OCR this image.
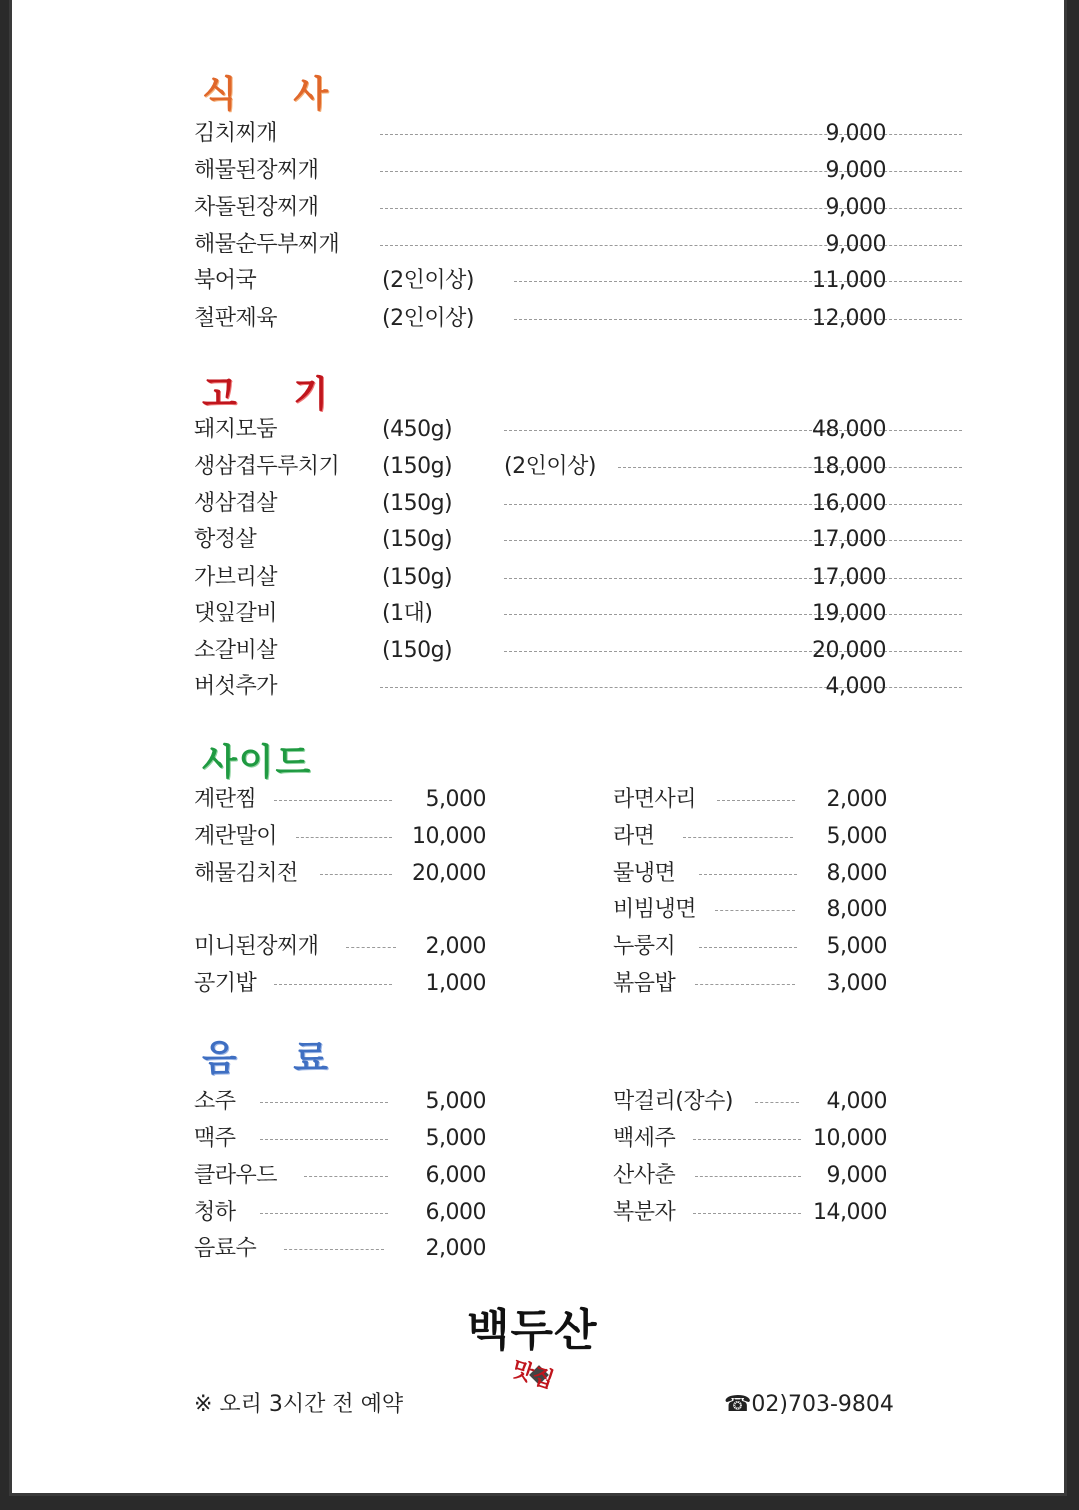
식 사
김치찌개	9,000
해물된장찌개	9,000
차돌된장찌개	9,000
해물순두부찌개	9,000
북어국	(2인이상)	11,000
철판제육	(2인이상)	12,000
고 기
돼지모둠	(450g)	48,000
생삼겹두루치기 (150g) (2인이상)	18,000
생삼겹살	(150g)	16,000
항정살	(150g)	17,000
가브리살	(150g)	17,000
댓잎갈비	(1대)	19,000
소갈비살	(150g)	20,000
버섯추가	4,000
사이드
계란찜	5,000
계란말이	10,000
해물김치전	20,000
미니된장찌개	2,000
공기밥	1,000
라면사리	2,000
라면	5,000
물냉면	8,000
비빔냉면	8,000
누룽지	5,000
볶음밥	3,000
음 료
소주	5,000
맥주	5,000
클라우드	6,000
청하	6,000
음료수	2,000
막걸리(장수)	4,000
백세주	10,000
산사춘	9,000
복분자	14,000
백두산
맛집
※ 오리 3시간 전 예약	☎02)703-9804
